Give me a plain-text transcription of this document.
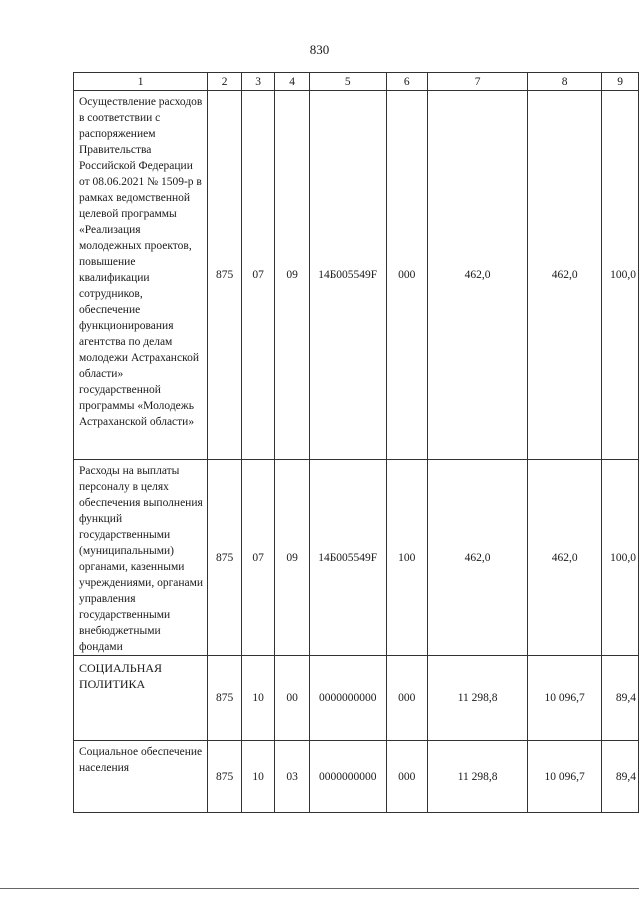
830
1	2	3	4	5	6	7	8	9
Осуществление расходов в соответствии с распоряжением Правительства Российской Федерации от 08.06.2021 № 1509-р в рамках ведомственной целевой программы «Реализация молодежных проектов, повышение квалификации сотрудников, обеспечение функционирования агентства по делам молодежи Астраханской области» государственной программы «Молодежь Астраханской области»	875	07	09	14Б005549F	000	462,0	462,0	100,0
Расходы на выплаты персоналу в целях обеспечения выполнения функций государственными (муниципальными) органами, казенными учреждениями, органами управления государственными внебюджетными фондами	875	07	09	14Б005549F	100	462,0	462,0	100,0
СОЦИАЛЬНАЯ ПОЛИТИКА	875	10	00	0000000000	000	11 298,8	10 096,7	89,4
Социальное обеспечение населения	875	10	03	0000000000	000	11 298,8	10 096,7	89,4
